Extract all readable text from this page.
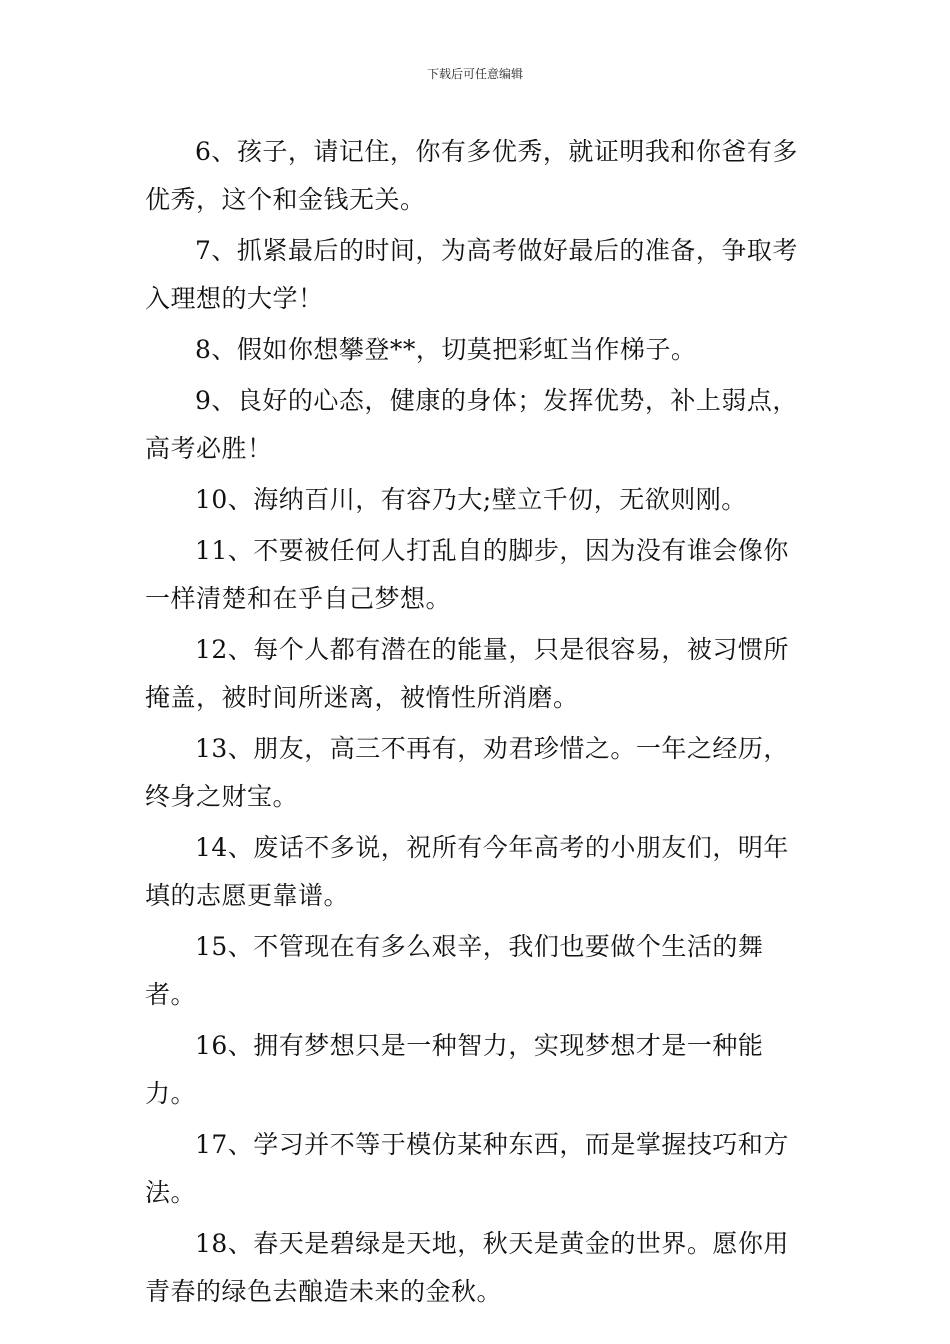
下载后可任意编辑

6、孩子，请记住，你有多优秀，就证明我和你爸有多优秀，这个和金钱无关。

7、抓紧最后的时间，为高考做好最后的准备，争取考入理想的大学！

8、假如你想攀登**，切莫把彩虹当作梯子。

9、良好的心态，健康的身体；发挥优势，补上弱点，高考必胜！

10、海纳百川，有容乃大;壁立千仞，无欲则刚。

11、不要被任何人打乱自的脚步，因为没有谁会像你一样清楚和在乎自己梦想。

12、每个人都有潜在的能量，只是很容易，被习惯所掩盖，被时间所迷离，被惰性所消磨。

13、朋友，高三不再有，劝君珍惜之。一年之经历，终身之财宝。

14、废话不多说，祝所有今年高考的小朋友们，明年填的志愿更靠谱。

15、不管现在有多么艰辛，我们也要做个生活的舞者。

16、拥有梦想只是一种智力，实现梦想才是一种能力。

17、学习并不等于模仿某种东西，而是掌握技巧和方法。

18、春天是碧绿是天地，秋天是黄金的世界。愿你用青春的绿色去酿造未来的金秋。
